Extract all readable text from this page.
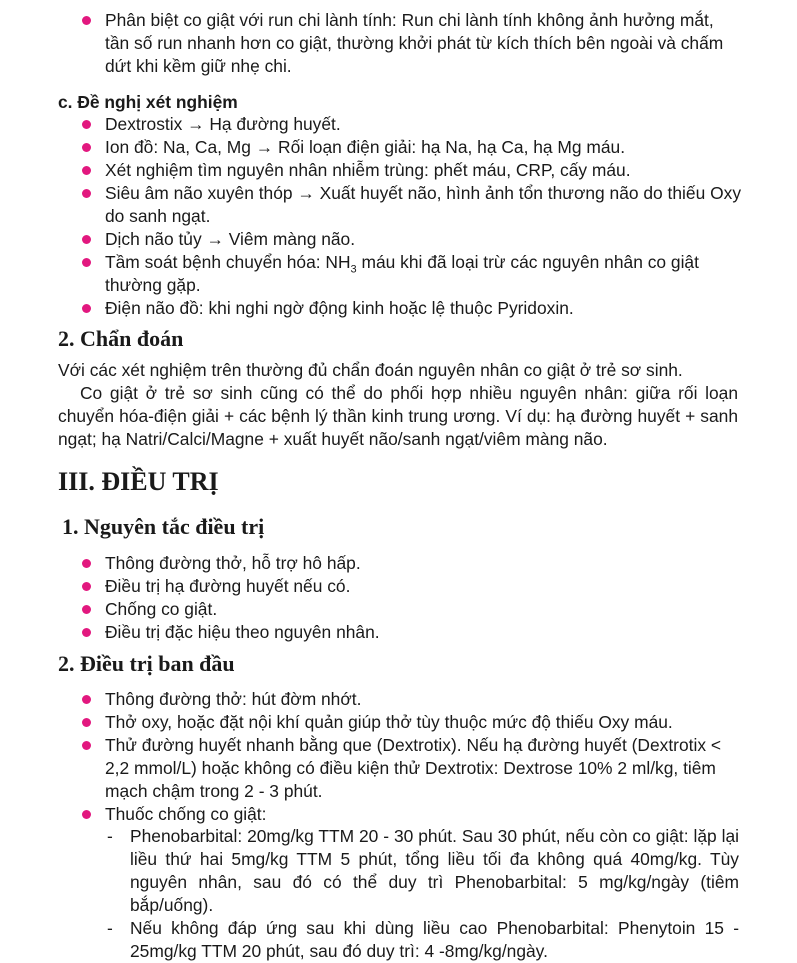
Phân biệt co giật với run chi lành tính: Run chi lành tính không ảnh hưởng mắt, tần số run nhanh hơn co giật, thường khởi phát từ kích thích bên ngoài và chấm dứt khi kềm giữ nhẹ chi.
c. Đề nghị xét nghiệm
Dextrostix → Hạ đường huyết.
Ion đồ: Na, Ca, Mg → Rối loạn điện giải: hạ Na, hạ Ca, hạ Mg máu.
Xét nghiệm tìm nguyên nhân nhiễm trùng: phết máu, CRP, cấy máu.
Siêu âm não xuyên thóp → Xuất huyết não, hình ảnh tổn thương não do thiếu Oxy do sanh ngạt.
Dịch não tủy → Viêm màng não.
Tầm soát bệnh chuyển hóa: $NH_3$ máu khi đã loại trừ các nguyên nhân co giật thường gặp.
Điện não đồ: khi nghi ngờ động kinh hoặc lệ thuộc Pyridoxin.
2. Chẩn đoán

Với các xét nghiệm trên thường đủ chẩn đoán nguyên nhân co giật ở trẻ sơ sinh.

Co giật ở trẻ sơ sinh cũng có thể do phối hợp nhiều nguyên nhân: giữa rối loạn chuyển hóa-điện giải + các bệnh lý thần kinh trung ương. Ví dụ: hạ đường huyết + sanh ngạt; hạ Natri/Calci/Magne + xuất huyết não/sanh ngạt/viêm màng não.

III. ĐIỀU TRỊ
1. Nguyên tắc điều trị
Thông đường thở, hỗ trợ hô hấp.
Điều trị hạ đường huyết nếu có.
Chống co giật.
Điều trị đặc hiệu theo nguyên nhân.
2. Điều trị ban đầu
Thông đường thở: hút đờm nhớt.
Thở oxy, hoặc đặt nội khí quản giúp thở tùy thuộc mức độ thiếu Oxy máu.
Thử đường huyết nhanh bằng que (Dextrotix). Nếu hạ đường huyết (Dextrotix < 2,2 mmol/L) hoặc không có điều kiện thử Dextrotix: Dextrose 10% 2 ml/kg, tiêm mạch chậm trong 2 - 3 phút.
Thuốc chống co giật:
- Phenobarbital: 20mg/kg TTM 20 - 30 phút. Sau 30 phút, nếu còn co giật: lặp lại liều thứ hai 5mg/kg TTM 5 phút, tổng liều tối đa không quá 40mg/kg. Tùy nguyên nhân, sau đó có thể duy trì Phenobarbital: 5 mg/kg/ngày (tiêm bắp/uống).
- Nếu không đáp ứng sau khi dùng liều cao Phenobarbital: Phenytoin 15 - 25mg/kg TTM 20 phút, sau đó duy trì: 4 -8mg/kg/ngày.
